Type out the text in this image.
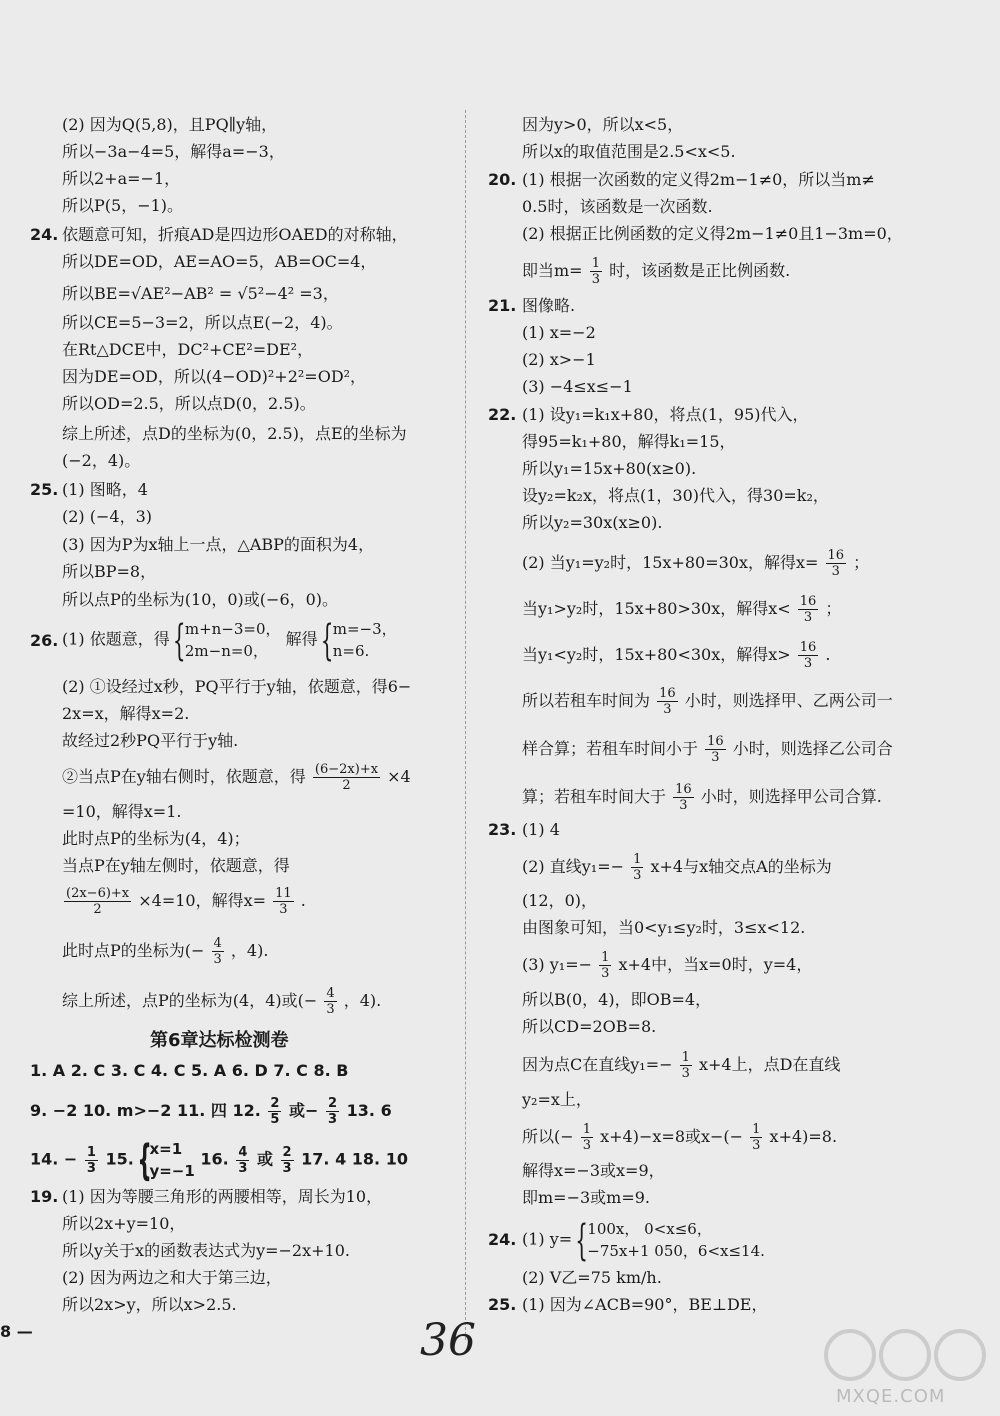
(2) 因为Q(5,8)，且PQ∥y轴，
所以−3a−4=5，解得a=−3，
所以2+a=−1，
所以P(5，−1)。
24. 依题意可知，折痕AD是四边形OAED的对称轴，
所以DE=OD，AE=AO=5，AB=OC=4，
所以BE=√AE²−AB² = √5²−4² =3，
所以CE=5−3=2，所以点E(−2，4)。
在Rt△DCE中，DC²+CE²=DE²，
因为DE=OD，所以(4−OD)²+2²=OD²，
所以OD=2.5，所以点D(0，2.5)。
综上所述，点D的坐标为(0，2.5)，点E的坐标为
(−2，4)。
25. (1) 图略，4
(2) (−4，3)
(3) 因为P为x轴上一点，△ABP的面积为4，
所以BP=8，
所以点P的坐标为(10，0)或(−6，0)。
26. (1) 依题意，得
{ m+n−3=0，
2m−n=0，
解得
{ m=−3，
n=6.
(2) ①设经过x秒，PQ平行于y轴，依题意，得6−
2x=x，解得x=2.
故经过2秒PQ平行于y轴.
②当点P在y轴右侧时，依题意，得 $\frac{(6-2x)+x}{2} \times 4$
=10，解得x=1.
此时点P的坐标为(4，4)；
当点P在y轴左侧时，依题意，得
$\frac{(2x-6)+x}{2} \times 4=10$，解得$x= \frac{11}{3}$ .
此时点P的坐标为(− $\frac{4}{3}$ ，4).
综上所述，点P的坐标为(4，4)或(− $\frac{4}{3}$ ，4).
1. A 2. C 3. C 4. C 5. A 6. D 7. C 8. B
9. −2 10. m>−2 11. 四 12. $\frac{2}{5}$ 或− $\frac{2}{3} 13$. 6
14. − $\frac{1}{3} 15$.
{ x=1
y=−1
16. $\frac{4}{3}$ 或 $\frac{2}{3} 17$. 4 18. 10
19. (1) 因为等腰三角形的两腰相等，周长为10，
所以2x+y=10，
所以y关于x的函数表达式为y=−2x+10.
(2) 因为两边之和大于第三边，
所以2x>y，所以x>2.5.
第6章达标检测卷
因为y>0，所以x<5，
所以x的取值范围是2.5<x<5.
20. (1) 根据一次函数的定义得2m−1≠0，所以当m≠
0.5时，该函数是一次函数.
(2) 根据正比例函数的定义得2m−1≠0且1−3m=0，
即当$m= \frac{1}{3}$ 时，该函数是正比例函数.
21. 图像略.
(1) x=−2
(2) x>−1
(3) −4≤x≤−1
22. (1) 设y₁=k₁x+80，将点(1，95)代入，
得95=k₁+80，解得k₁=15，
所以y₁=15x+80(x≥0).
设y₂=k₂x，将点(1，30)代入，得30=k₂，
所以y₂=30x(x≥0).
(2) 当y₁=y₂时，15x+80=30x，解得$x= \frac{16}{3}$ ；
当y₁>y₂时，15x+80>30x，解得$x< \frac{16}{3}$ ；
当y₁<y₂时，15x+80<30x，解得$x> \frac{16}{3}$ .
所以若租车时间为 $\frac{16}{3}$ 小时，则选择甲、乙两公司一
样合算；若租车时间小于 $\frac{16}{3}$ 小时，则选择乙公司合
算；若租车时间大于 $\frac{16}{3}$ 小时，则选择甲公司合算.
23. (1) 4
(2) 直线$y_1=- \frac{1}{3} x+4$与x轴交点A的坐标为
(12，0)，
由图象可知，当0<y₁≤y₂时，3≤x<12.
(3) $y_1=- \frac{1}{3} x+4$中，当x=0时，y=4，
所以B(0，4)，即OB=4，
所以CD=2OB=8.
因为点C在直线$y_1=- \frac{1}{3} x+4$上，点D在直线
y₂=x上，
所以(− $\frac{1}{3} x+4)-x=8$或$x-(- \frac{1}{3} x+4)=8$.
解得x=−3或x=9，
即m=−3或m=9.
24. (1) y=
{ 100x， 0<x≤6，
−75x+1 050，6<x≤14.
(2) V乙=75 km/h.
25. (1) 因为∠ACB=90°，BE⊥DE，
8 —	36
MXQE.COM
